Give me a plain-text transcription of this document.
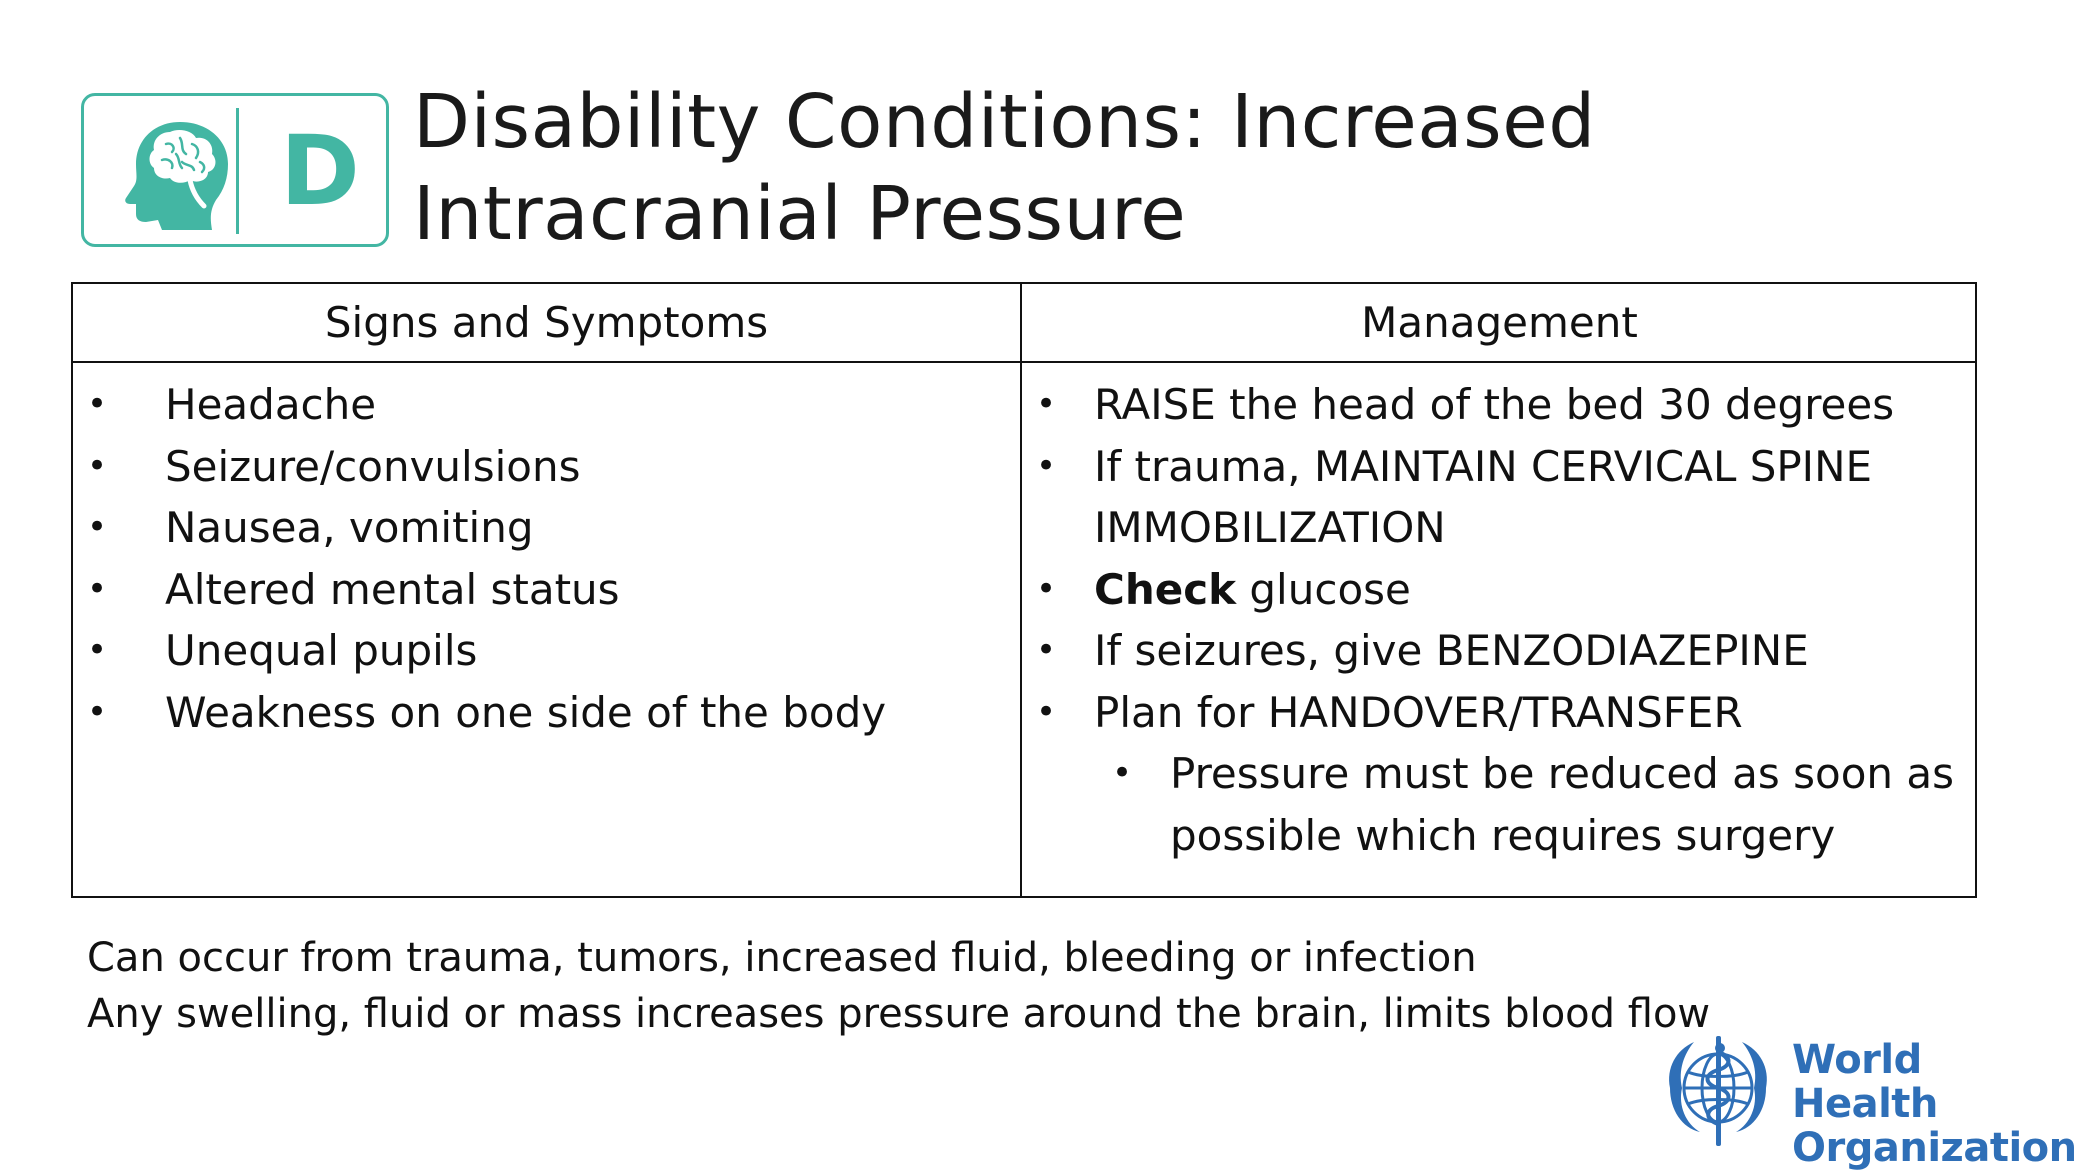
D Disability Conditions: Increased Intracranial Pressure
Signs and Symptoms	Management
• Headache
• Seizure/convulsions
• Nausea, vomiting
• Altered mental status
• Unequal pupils
• Weakness on one side of the body
• RAISE the head of the bed 30 degrees
• If trauma, MAINTAIN CERVICAL SPINE IMMOBILIZATION
• Check glucose
• If seizures, give BENZODIAZEPINE
• Plan for HANDOVER/TRANSFER
• Pressure must be reduced as soon as possible which requires surgery
Can occur from trauma, tumors, increased fluid, bleeding or infection
Any swelling, fluid or mass increases pressure around the brain, limits blood flow
World Health
Organization
